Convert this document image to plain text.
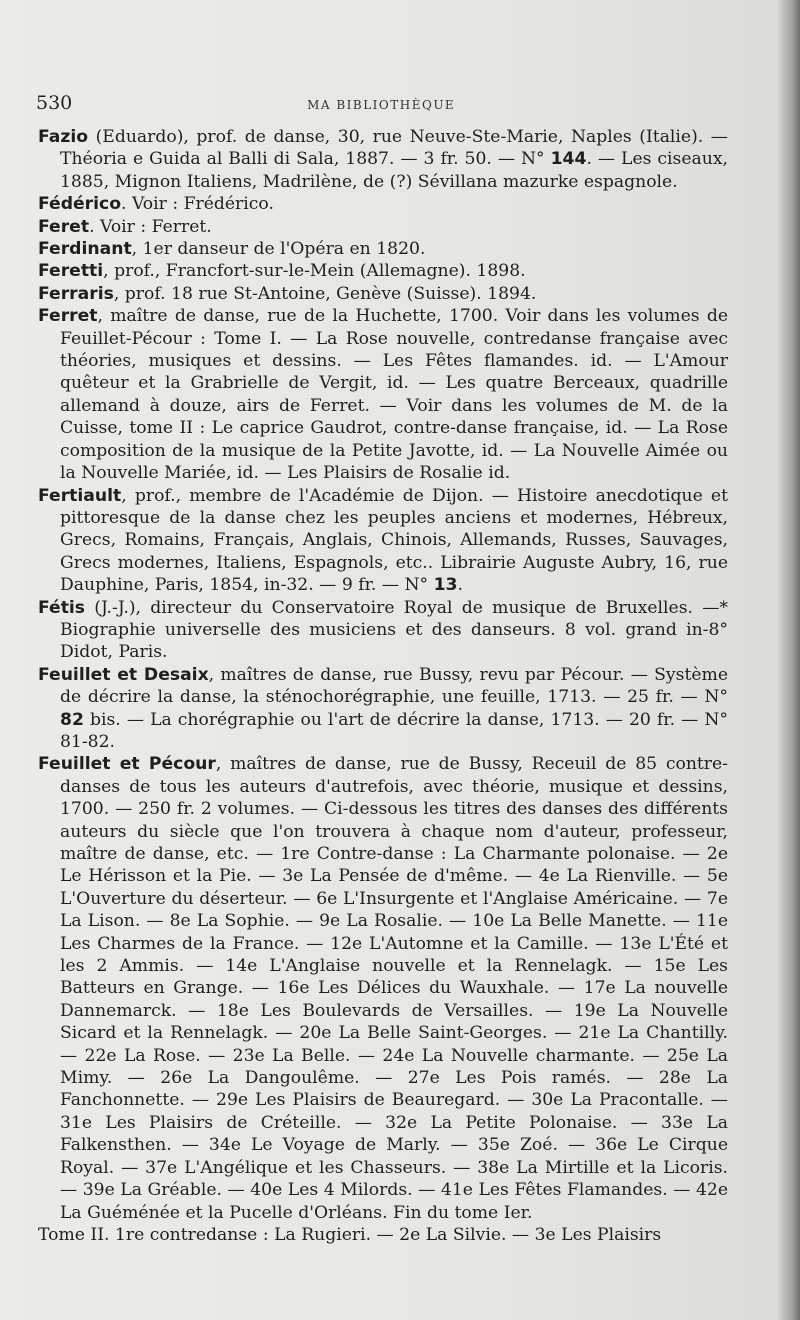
530	MA BIBLIOTHÈQUE

Fazio (Eduardo), prof. de danse, 30, rue Neuve-Ste-Marie, Naples (Italie). — Théoria e Guida al Balli di Sala, 1887. — 3 fr. 50. — N° 144. — Les ciseaux, 1885, Mignon Italiens, Madrilène, de (?) Sévillana mazurke espagnole.

Fédérico. Voir : Frédérico.

Feret. Voir : Ferret.

Ferdinant, 1er danseur de l'Opéra en 1820.

Feretti, prof., Francfort-sur-le-Mein (Allemagne). 1898.

Ferraris, prof. 18 rue St-Antoine, Genève (Suisse). 1894.

Ferret, maître de danse, rue de la Huchette, 1700. Voir dans les volumes de Feuillet-Pécour : Tome I. — La Rose nouvelle, contredanse française avec théories, musiques et dessins. — Les Fêtes flamandes. id. — L'Amour quêteur et la Grabrielle de Vergit, id. — Les quatre Berceaux, quadrille allemand à douze, airs de Ferret. — Voir dans les volumes de M. de la Cuisse, tome II : Le caprice Gaudrot, contre-danse française, id. — La Rose composition de la musique de la Petite Javotte, id. — La Nouvelle Aimée ou la Nouvelle Mariée, id. — Les Plaisirs de Rosalie id.

Fertiault, prof., membre de l'Académie de Dijon. — Histoire anecdotique et pittoresque de la danse chez les peuples anciens et modernes, Hébreux, Grecs, Romains, Français, Anglais, Chinois, Allemands, Russes, Sauvages, Grecs modernes, Italiens, Espagnols, etc.. Librairie Auguste Aubry, 16, rue Dauphine, Paris, 1854, in-32. — 9 fr. — N° 13.

Fétis (J.-J.), directeur du Conservatoire Royal de musique de Bruxelles. —* Biographie universelle des musiciens et des danseurs. 8 vol. grand in-8° Didot, Paris.

Feuillet et Desaix, maîtres de danse, rue Bussy, revu par Pécour. — Système de décrire la danse, la sténochorégraphie, une feuille, 1713. — 25 fr. — N° 82 bis. — La chorégraphie ou l'art de décrire la danse, 1713. — 20 fr. — N° 81-82.

Feuillet et Pécour, maîtres de danse, rue de Bussy, Receuil de 85 contre-danses de tous les auteurs d'autrefois, avec théorie, musique et dessins, 1700. — 250 fr. 2 volumes. — Ci-dessous les titres des danses des différents auteurs du siècle que l'on trouvera à chaque nom d'auteur, professeur, maître de danse, etc. — 1re Contre-danse : La Charmante polonaise. — 2e Le Hérisson et la Pie. — 3e La Pensée de d'même. — 4e La Rienville. — 5e L'Ouverture du déserteur. — 6e L'Insurgente et l'Anglaise Américaine. — 7e La Lison. — 8e La Sophie. — 9e La Rosalie. — 10e La Belle Manette. — 11e Les Charmes de la France. — 12e L'Automne et la Camille. — 13e L'Été et les 2 Ammis. — 14e L'Anglaise nouvelle et la Rennelagk. — 15e Les Batteurs en Grange. — 16e Les Délices du Wauxhale. — 17e La nouvelle Dannemarck. — 18e Les Boulevards de Versailles. — 19e La Nouvelle Sicard et la Rennelagk. — 20e La Belle Saint-Georges. — 21e La Chantilly. — 22e La Rose. — 23e La Belle. — 24e La Nouvelle charmante. — 25e La Mimy. — 26e La Dangoulême. — 27e Les Pois ramés. — 28e La Fanchonnette. — 29e Les Plaisirs de Beauregard. — 30e La Pracontalle. — 31e Les Plaisirs de Créteille. — 32e La Petite Polonaise. — 33e La Falkensthen. — 34e Le Voyage de Marly. — 35e Zoé. — 36e Le Cirque Royal. — 37e L'Angélique et les Chasseurs. — 38e La Mirtille et la Licoris. — 39e La Gréable. — 40e Les 4 Milords. — 41e Les Fêtes Flamandes. — 42e La Guéménée et la Pucelle d'Orléans. Fin du tome Ier.

Tome II. 1re contredanse : La Rugieri. — 2e La Silvie. — 3e Les Plaisirs
